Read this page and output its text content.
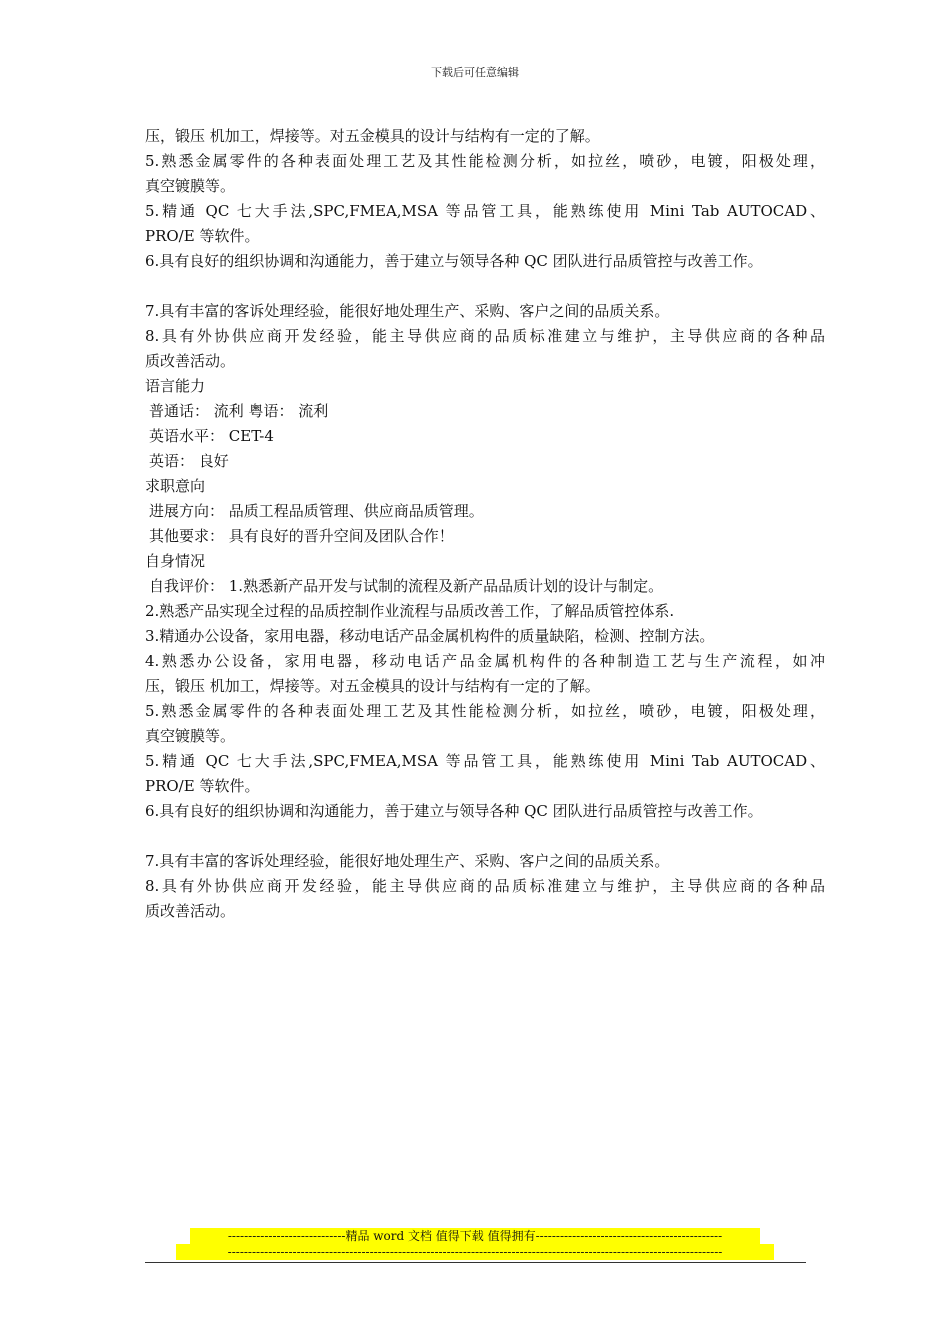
下载后可任意编辑
压，锻压 机加工，焊接等。对五金模具的设计与结构有一定的了解。
5.熟悉金属零件的各种表面处理工艺及其性能检测分析，如拉丝，喷砂，电镀，阳极处理，
真空镀膜等。
5.精通 QC 七大手法,SPC,FMEA,MSA 等品管工具，能熟练使用 Mini Tab AUTOCAD、
PRO/E 等软件。
6.具有良好的组织协调和沟通能力，善于建立与领导各种 QC 团队进行品质管控与改善工作。
7.具有丰富的客诉处理经验，能很好地处理生产、采购、客户之间的品质关系。
8.具有外协供应商开发经验，能主导供应商的品质标准建立与维护，主导供应商的各种品
质改善活动。
语言能力
普通话： 流利 粤语： 流利
英语水平： CET-4
英语： 良好
求职意向
进展方向： 品质工程品质管理、供应商品质管理。
其他要求： 具有良好的晋升空间及团队合作！
自身情况
自我评价： 1.熟悉新产品开发与试制的流程及新产品品质计划的设计与制定。
2.熟悉产品实现全过程的品质控制作业流程与品质改善工作，了解品质管控体系.
3.精通办公设备，家用电器，移动电话产品金属机构件的质量缺陷，检测、控制方法。
4.熟悉办公设备，家用电器，移动电话产品金属机构件的各种制造工艺与生产流程，如冲
压，锻压 机加工，焊接等。对五金模具的设计与结构有一定的了解。
5.熟悉金属零件的各种表面处理工艺及其性能检测分析，如拉丝，喷砂，电镀，阳极处理，
真空镀膜等。
5.精通 QC 七大手法,SPC,FMEA,MSA 等品管工具，能熟练使用 Mini Tab AUTOCAD、
PRO/E 等软件。
6.具有良好的组织协调和沟通能力，善于建立与领导各种 QC 团队进行品质管控与改善工作。
7.具有丰富的客诉处理经验，能很好地处理生产、采购、客户之间的品质关系。
8.具有外协供应商开发经验，能主导供应商的品质标准建立与维护，主导供应商的各种品
质改善活动。
-----------------------------精品 word 文档 值得下载 值得拥有----------------------------------------------
--------------------------------------------------------------------------------------------------------------------------
